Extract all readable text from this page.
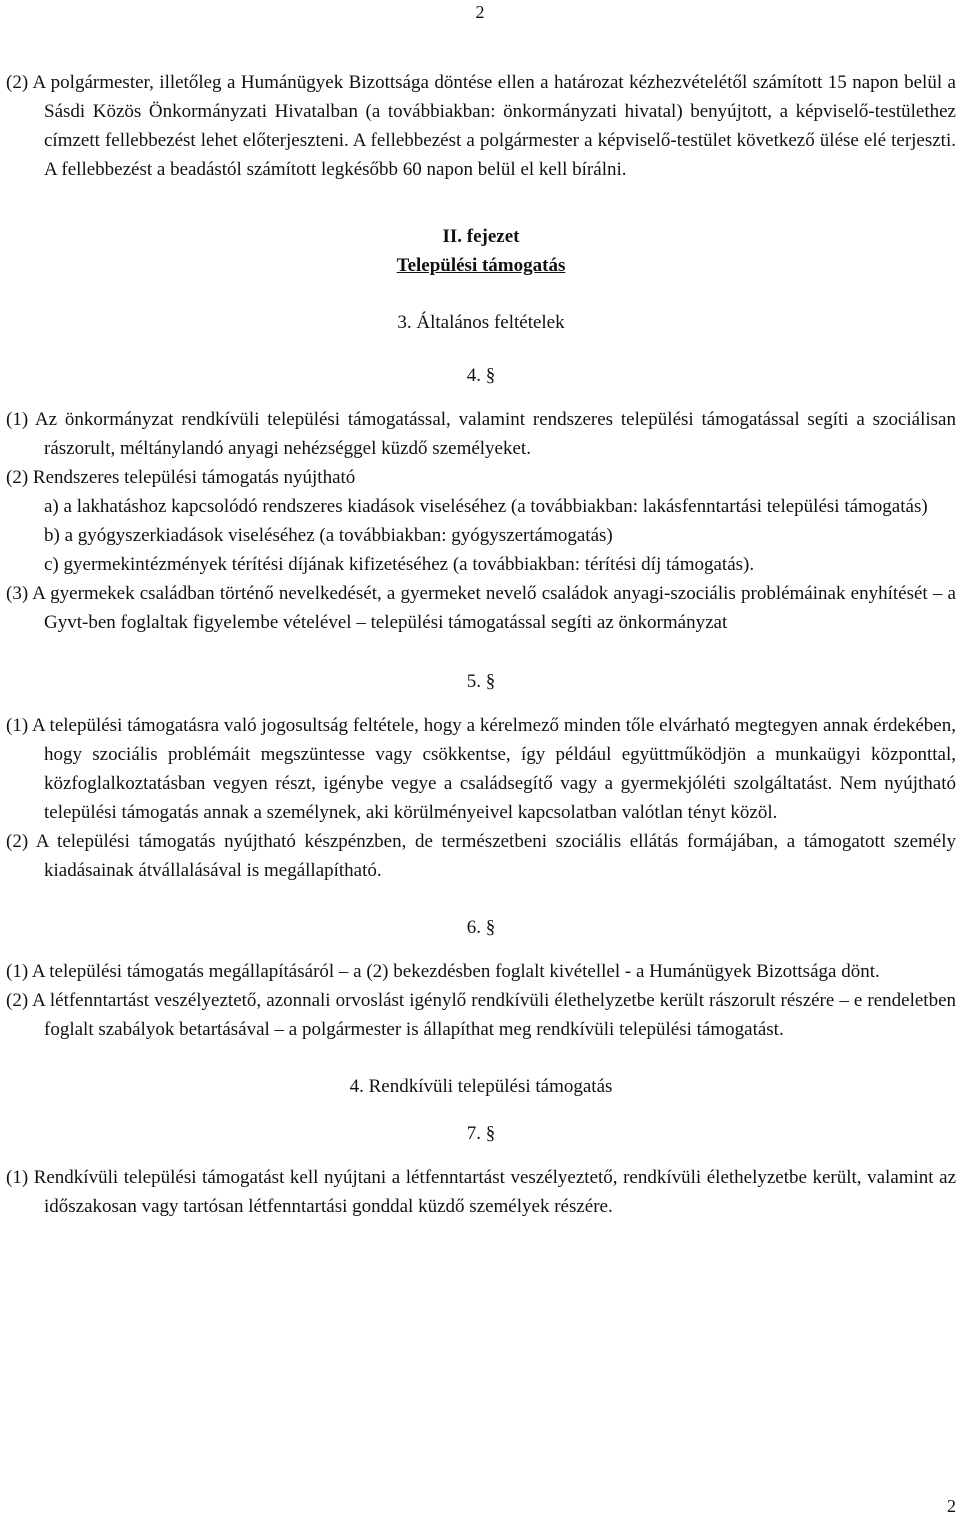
2

(2) A polgármester, illetőleg a Humánügyek Bizottsága döntése ellen a határozat kézhezvételétől számított 15 napon belül a Sásdi Közös Önkormányzati Hivatalban (a továbbiakban: önkormányzati hivatal) benyújtott, a képviselő-testülethez címzett fellebbezést lehet előterjeszteni. A fellebbezést a polgármester a képviselő-testület következő ülése elé terjeszti. A fellebbezést a beadástól számított legkésőbb 60 napon belül el kell bírálni.

II. fejezet

Települési támogatás

3. Általános feltételek

4. §

(1) Az önkormányzat rendkívüli települési támogatással, valamint rendszeres települési támogatással segíti a szociálisan rászorult, méltánylandó anyagi nehézséggel küzdő személyeket.

(2) Rendszeres települési támogatás nyújtható

a) a lakhatáshoz kapcsolódó rendszeres kiadások viseléséhez (a továbbiakban: lakásfenntartási települési támogatás)

b) a gyógyszerkiadások viseléséhez (a továbbiakban: gyógyszertámogatás)

c) gyermekintézmények térítési díjának kifizetéséhez (a továbbiakban: térítési díj támogatás).

(3) A gyermekek családban történő nevelkedését, a gyermeket nevelő családok anyagi-szociális problémáinak enyhítését – a Gyvt-ben foglaltak figyelembe vételével – települési támogatással segíti az önkormányzat

5. §

(1) A települési támogatásra való jogosultság feltétele, hogy a kérelmező minden tőle elvárható megtegyen annak érdekében, hogy szociális problémáit megszüntesse vagy csökkentse, így például együttműködjön a munkaügyi központtal, közfoglalkoztatásban vegyen részt, igénybe vegye a családsegítő vagy a gyermekjóléti szolgáltatást. Nem nyújtható települési támogatás annak a személynek, aki körülményeivel kapcsolatban valótlan tényt közöl.

(2) A települési támogatás nyújtható készpénzben, de természetbeni szociális ellátás formájában, a támogatott személy kiadásainak átvállalásával is megállapítható.

6. §

(1) A települési támogatás megállapításáról – a (2) bekezdésben foglalt kivétellel - a Humánügyek Bizottsága dönt.

(2) A létfenntartást veszélyeztető, azonnali orvoslást igénylő rendkívüli élethelyzetbe került rászorult részére – e rendeletben foglalt szabályok betartásával – a polgármester is állapíthat meg rendkívüli települési támogatást.

4. Rendkívüli települési támogatás

7. §

(1) Rendkívüli települési támogatást kell nyújtani a létfenntartást veszélyeztető, rendkívüli élethelyzetbe került, valamint az időszakosan vagy tartósan létfenntartási gonddal küzdő személyek részére.

2
